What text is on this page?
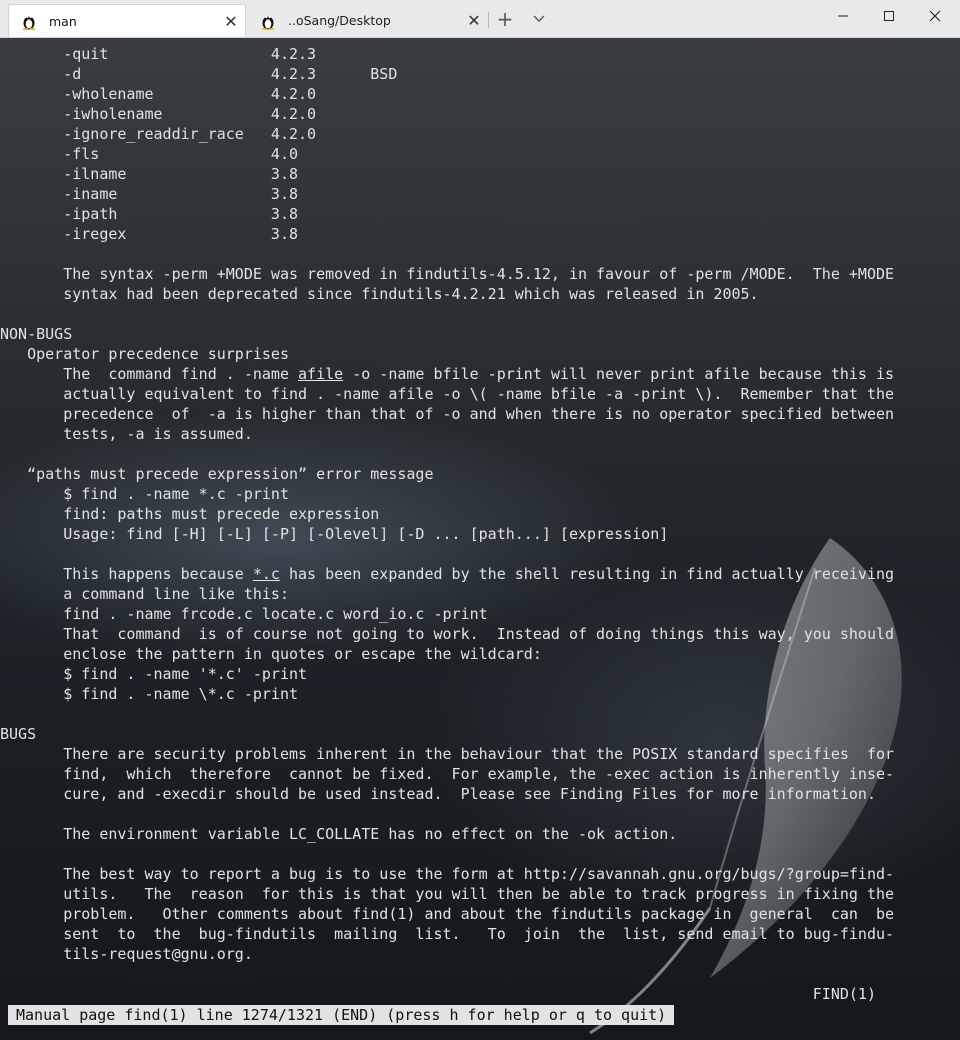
man	✕	..oSang/Desktop	✕ +
-quit                  4.2.3
-d                     4.2.3      BSD
-wholename             4.2.0
-iwholename            4.2.0
-ignore_readdir_race   4.2.0
-fls                   4.0
-ilname                3.8
-iname                 3.8
-ipath                 3.8
-iregex                3.8
The syntax -perm +MODE was removed in findutils-4.5.12, in favour of -perm /MODE.  The +MODE
syntax had been deprecated since findutils-4.2.21 which was released in 2005.
NON-BUGS
Operator precedence surprises
The  command find . -name afile -o -name bfile -print will never print afile because this is
actually equivalent to find . -name afile -o \( -name bfile -a -print \).  Remember that the
precedence  of  -a is higher than that of -o and when there is no operator specified between
tests, -a is assumed.
“paths must precede expression” error message
$ find . -name *.c -print
find: paths must precede expression
Usage: find [-H] [-L] [-P] [-Olevel] [-D ... [path...] [expression]
This happens because *.c has been expanded by the shell resulting in find actually receiving
a command line like this:
find . -name frcode.c locate.c word_io.c -print
That  command  is of course not going to work.  Instead of doing things this way, you should
enclose the pattern in quotes or escape the wildcard:
$ find . -name '*.c' -print
$ find . -name \*.c -print
BUGS
There are security problems inherent in the behaviour that the POSIX standard specifies  for
find,  which  therefore  cannot be fixed.  For example, the -exec action is inherently inse-
cure, and -execdir should be used instead.  Please see Finding Files for more information.
The environment variable LC_COLLATE has no effect on the -ok action.
The best way to report a bug is to use the form at http://savannah.gnu.org/bugs/?group=find-
utils.   The  reason  for this is that you will then be able to track progress in fixing the
problem.   Other comments about find(1) and about the findutils package in  general  can  be
sent  to  the  bug-findutils  mailing  list.   To  join  the  list, send email to bug-findu-
tils-request@gnu.org.
FIND(1)
Manual page find(1) line 1274/1321 (END) (press h for help or q to quit)
